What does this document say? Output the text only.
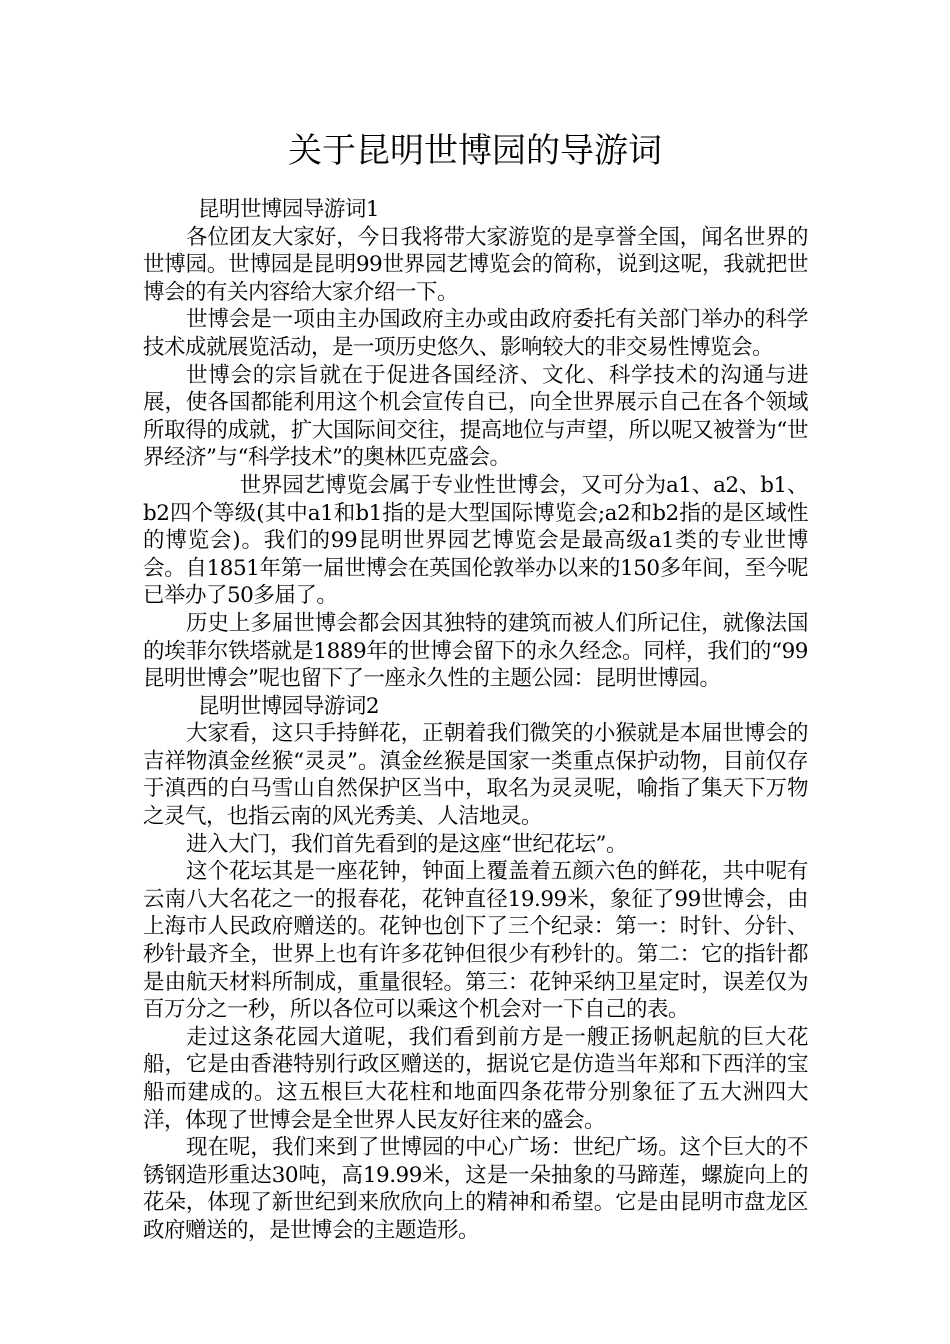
关于昆明世博园的导游词

昆明世博园导游词1

各位团友大家好，今日我将带大家游览的是享誉全国，闻名世界的世博园。世博园是昆明99世界园艺博览会的简称，说到这呢，我就把世博会的有关内容给大家介绍一下。

世博会是一项由主办国政府主办或由政府委托有关部门举办的科学技术成就展览活动，是一项历史悠久、影响较大的非交易性博览会。

世博会的宗旨就在于促进各国经济、文化、科学技术的沟通与进展，使各国都能利用这个机会宣传自已，向全世界展示自己在各个领域所取得的成就，扩大国际间交往，提高地位与声望，所以呢又被誉为“世界经济”与“科学技术”的奥林匹克盛会。

世界园艺博览会属于专业性世博会，又可分为a1、a2、b1、b2四个等级(其中a1和b1指的是大型国际博览会;a2和b2指的是区域性的博览会)。我们的99昆明世界园艺博览会是最高级a1类的专业世博会。自1851年第一届世博会在英国伦敦举办以来的150多年间，至今呢已举办了50多届了。

历史上多届世博会都会因其独特的建筑而被人们所记住，就像法国的埃菲尔铁塔就是1889年的世博会留下的永久经念。同样，我们的“99昆明世博会”呢也留下了一座永久性的主题公园：昆明世博园。

昆明世博园导游词2

大家看，这只手持鲜花，正朝着我们微笑的小猴就是本届世博会的吉祥物滇金丝猴“灵灵”。滇金丝猴是国家一类重点保护动物，目前仅存于滇西的白马雪山自然保护区当中，取名为灵灵呢，喻指了集天下万物之灵气，也指云南的风光秀美、人洁地灵。

进入大门，我们首先看到的是这座“世纪花坛”。

这个花坛其是一座花钟，钟面上覆盖着五颜六色的鲜花，共中呢有云南八大名花之一的报春花，花钟直径19.99米，象征了99世博会，由上海市人民政府赠送的。花钟也创下了三个纪录：第一：时针、分针、秒针最齐全，世界上也有许多花钟但很少有秒针的。第二：它的指针都是由航天材料所制成，重量很轻。第三：花钟采纳卫星定时，误差仅为百万分之一秒，所以各位可以乘这个机会对一下自己的表。

走过这条花园大道呢，我们看到前方是一艘正扬帆起航的巨大花船，它是由香港特别行政区赠送的，据说它是仿造当年郑和下西洋的宝船而建成的。这五根巨大花柱和地面四条花带分别象征了五大洲四大洋，体现了世博会是全世界人民友好往来的盛会。

现在呢，我们来到了世博园的中心广场：世纪广场。这个巨大的不锈钢造形重达30吨，高19.99米，这是一朵抽象的马蹄莲，螺旋向上的花朵，体现了新世纪到来欣欣向上的精神和希望。它是由昆明市盘龙区政府赠送的，是世博会的主题造形。
